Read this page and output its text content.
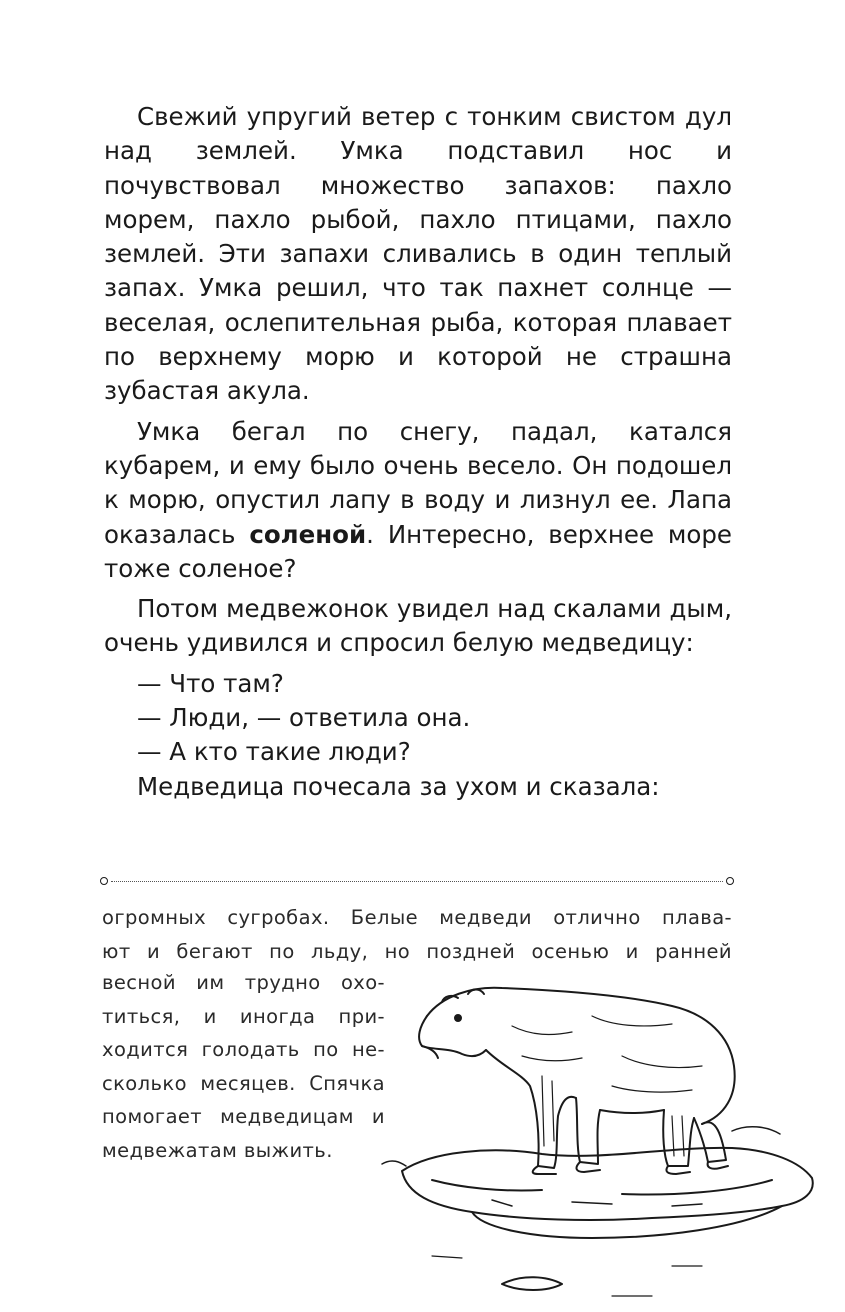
Свежий упругий ветер с тонким свистом дул над землей. Умка подставил нос и почувствовал множество запахов: пахло морем, пахло рыбой, пахло птицами, пахло землей. Эти запахи сливались в один теплый запах. Умка решил, что так пахнет солнце — веселая, ослепительная рыба, которая плавает по верхнему морю и которой не страшна зубастая акула.

Умка бегал по снегу, падал, катался кубарем, и ему было очень весело. Он подошел к морю, опустил лапу в воду и лизнул ее. Лапа оказалась соленой. Интересно, верхнее море тоже соленое?

Потом медвежонок увидел над скалами дым, очень удивился и спросил белую медведицу:

— Что там?

— Люди, — ответила она.

— А кто такие люди?

Медведица почесала за ухом и сказала:

огромных сугробах. Белые медведи отлично плава-
ют и бегают по льду, но поздней осенью и ранней
весной им трудно охо-
титься, и иногда при-
ходится голодать по не-
сколько месяцев. Спячка
помогает медведицам и
медвежатам выжить.
